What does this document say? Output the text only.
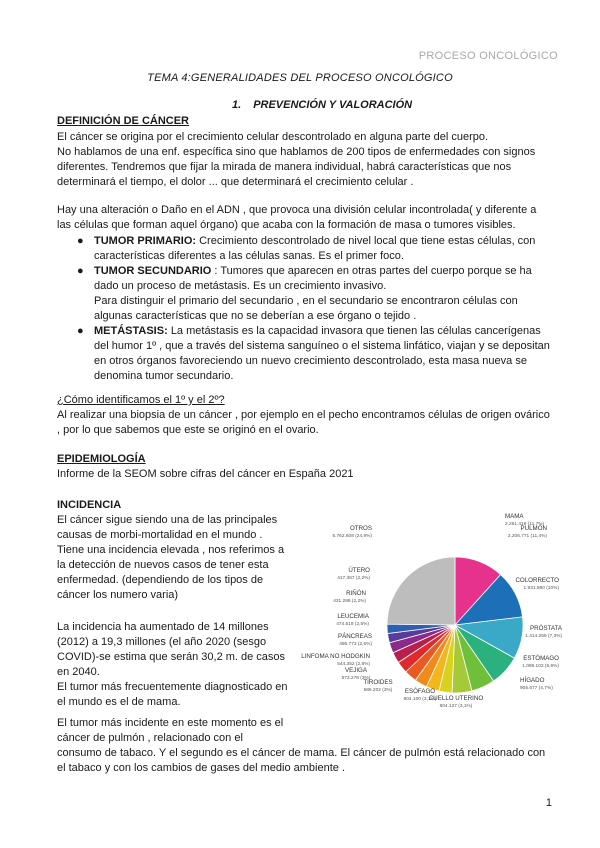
PROCESO ONCOLÓGICO
TEMA 4:GENERALIDADES DEL PROCESO ONCOLÓGICO
1. PREVENCIÓN Y VALORACIÓN
DEFINICIÓN DE CÁNCER
El cáncer se origina por el crecimiento celular descontrolado en alguna parte del cuerpo.
No hablamos de una enf. específica sino que hablamos de 200 tipos de enfermedades con signos
diferentes. Tendremos que fijar la mirada de manera individual, habrá características que nos
determinará el tiempo, el dolor ... que determinará el crecimiento celular .
Hay una alteración o Daño en el ADN , que provoca una división celular incontrolada( y diferente a
las células que forman aquel órgano) que acaba con la formación de masa o tumores visibles.
● TUMOR PRIMARIO: Crecimiento descontrolado de nivel local que tiene estas células, con

características diferentes a las células sanas. Es el primer foco.

● TUMOR SECUNDARIO : Tumores que aparecen en otras partes del cuerpo porque se ha

dado un proceso de metástasis. Es un crecimiento invasivo.

Para distinguir el primario del secundario , en el secundario se encontraron células con

algunas características que no se deberían a ese órgano o tejido .

● METÁSTASIS: La metástasis es la capacidad invasora que tienen las células cancerígenas

del humor 1º , que a través del sistema sanguíneo o el sistema linfático, viajan y se depositan

en otros órganos favoreciendo un nuevo crecimiento descontrolado, esta masa nueva se

denomina tumor secundario.

¿Cómo identificamos el 1º y el 2º?
Al realizar una biopsia de un cáncer , por ejemplo en el pecho encontramos células de origen ovárico
, por lo que sabemos que este se originó en el ovario.
EPIDEMIOLOGÍA
Informe de la SEOM sobre cifras del cáncer en España 2021
INCIDENCIA
El cáncer sigue siendo una de las principales
causas de morbi-mortalidad en el mundo .
Tiene una incidencia elevada , nos referimos a
la detección de nuevos casos de tener esta
enfermedad. (dependiendo de los tipos de
cáncer los numero varia)
La incidencia ha aumentado de 14 millones
(2012) a 19,3 millones (el año 2020 (sesgo
COVID)-se estima que serán 30,2 m. de casos
en 2040.
El tumor más frecuentemente diagnosticado en
el mundo es el de mama.
El tumor más incidente en este momento es el
cáncer de pulmón , relacionado con el
consumo de tabaco. Y el segundo es el cáncer de mama. El cáncer de pulmón está relacionado con
el tabaco y con los cambios de gases del medio ambiente .
MAMA
2.261.419 (11,7%)
PULMÓN
2.206.771 (11,4%)
COLORRECTO
1.931.590 (10%)
PRÓSTATA
1.414.259 (7,3%)
ESTÓMAGO
1.089.103 (5,6%)
HÍGADO
905.677 (4,7%)
CUELLO UTERINO
604.127 (3,1%)
ESÓFAGO
604.100 (3,1%)
TIROIDES
586.202 (3%)
VEJIGA
573.278 (3%)
LINFOMA NO HODGKIN
544.352 (2,8%)
PÁNCREAS
495.773 (2,6%)
LEUCEMIA
474.519 (2,5%)
RIÑÓN
431.288 (2,2%)
ÚTERO
417.367 (2,2%)
OTROS
5.762.608 (24,8%)
1
